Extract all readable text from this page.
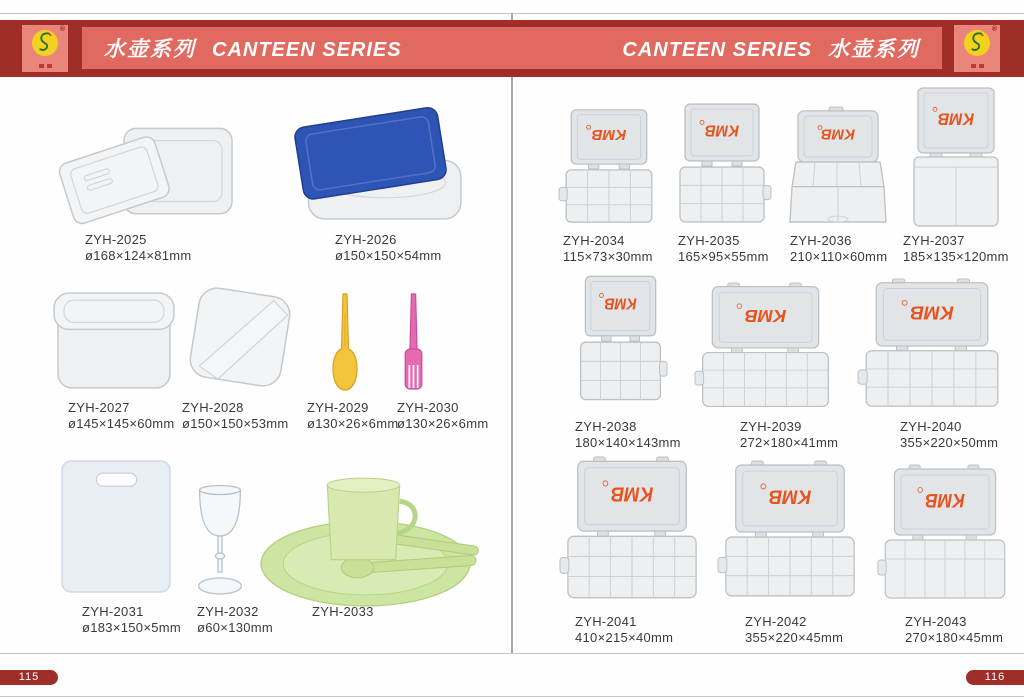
水壶系列 CANTEEN SERIES	CANTEEN SERIES 水壶系列
®	®
ZYH-2025
ø168×124×81mm
ZYH-2026
ø150×150×54mm
ZYH-2027
ø145×145×60mm
ZYH-2028
ø150×150×53mm
ZYH-2029
ø130×26×6mm
ZYH-2030
ø130×26×6mm
ZYH-2031
ø183×150×5mm
ZYH-2032
ø60×130mm
ZYH-2033
KMB	KMB	KMB
KMB
KMB
KMB	KMB
KMB	KMB	KMB
ZYH-2034
115×73×30mm
ZYH-2035
165×95×55mm
ZYH-2036
210×110×60mm
ZYH-2037
185×135×120mm
ZYH-2038
180×140×143mm
ZYH-2039
272×180×41mm
ZYH-2040
355×220×50mm
ZYH-2041
410×215×40mm
ZYH-2042
355×220×45mm
ZYH-2043
270×180×45mm
115	116
